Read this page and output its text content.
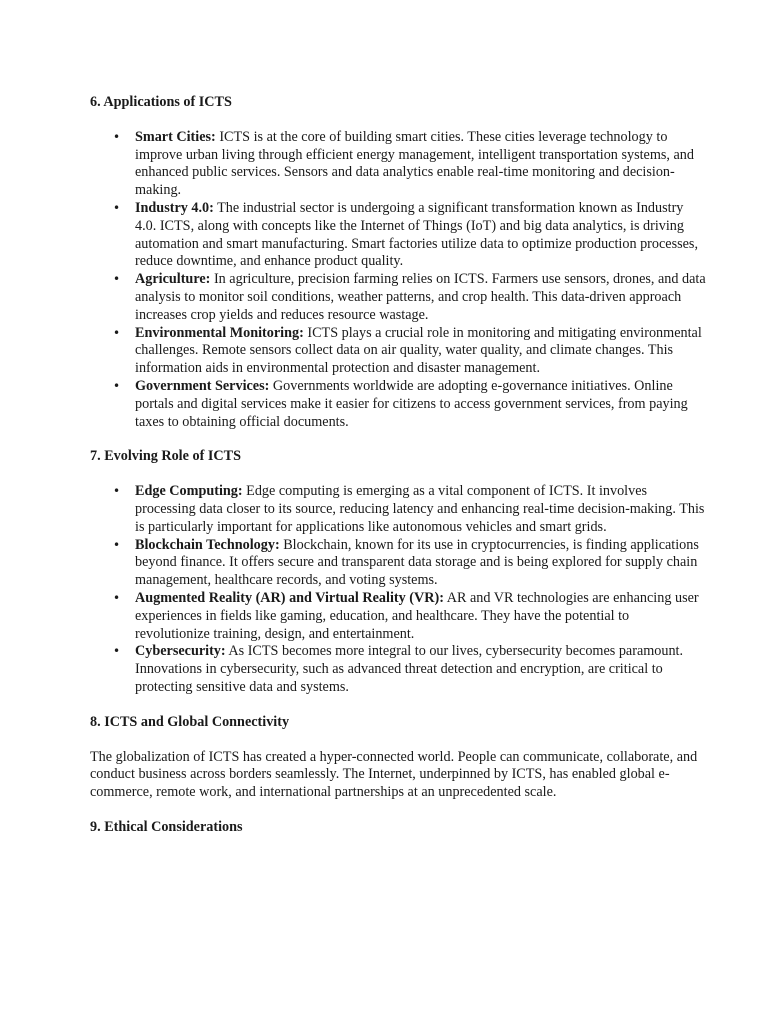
6. Applications of ICTS
• Smart Cities: ICTS is at the core of building smart cities. These cities leverage technology to improve urban living through efficient energy management, intelligent transportation systems, and enhanced public services. Sensors and data analytics enable real-time monitoring and decision-making.
• Industry 4.0: The industrial sector is undergoing a significant transformation known as Industry 4.0. ICTS, along with concepts like the Internet of Things (IoT) and big data analytics, is driving automation and smart manufacturing. Smart factories utilize data to optimize production processes, reduce downtime, and enhance product quality.
• Agriculture: In agriculture, precision farming relies on ICTS. Farmers use sensors, drones, and data analysis to monitor soil conditions, weather patterns, and crop health. This data-driven approach increases crop yields and reduces resource wastage.
• Environmental Monitoring: ICTS plays a crucial role in monitoring and mitigating environmental challenges. Remote sensors collect data on air quality, water quality, and climate changes. This information aids in environmental protection and disaster management.
• Government Services: Governments worldwide are adopting e-governance initiatives. Online portals and digital services make it easier for citizens to access government services, from paying taxes to obtaining official documents.
7. Evolving Role of ICTS
• Edge Computing: Edge computing is emerging as a vital component of ICTS. It involves processing data closer to its source, reducing latency and enhancing real-time decision-making. This is particularly important for applications like autonomous vehicles and smart grids.
• Blockchain Technology: Blockchain, known for its use in cryptocurrencies, is finding applications beyond finance. It offers secure and transparent data storage and is being explored for supply chain management, healthcare records, and voting systems.
• Augmented Reality (AR) and Virtual Reality (VR): AR and VR technologies are enhancing user experiences in fields like gaming, education, and healthcare. They have the potential to revolutionize training, design, and entertainment.
• Cybersecurity: As ICTS becomes more integral to our lives, cybersecurity becomes paramount. Innovations in cybersecurity, such as advanced threat detection and encryption, are critical to protecting sensitive data and systems.
8. ICTS and Global Connectivity

The globalization of ICTS has created a hyper-connected world. People can communicate, collaborate, and conduct business across borders seamlessly. The Internet, underpinned by ICTS, has enabled global e-commerce, remote work, and international partnerships at an unprecedented scale.

9. Ethical Considerations
